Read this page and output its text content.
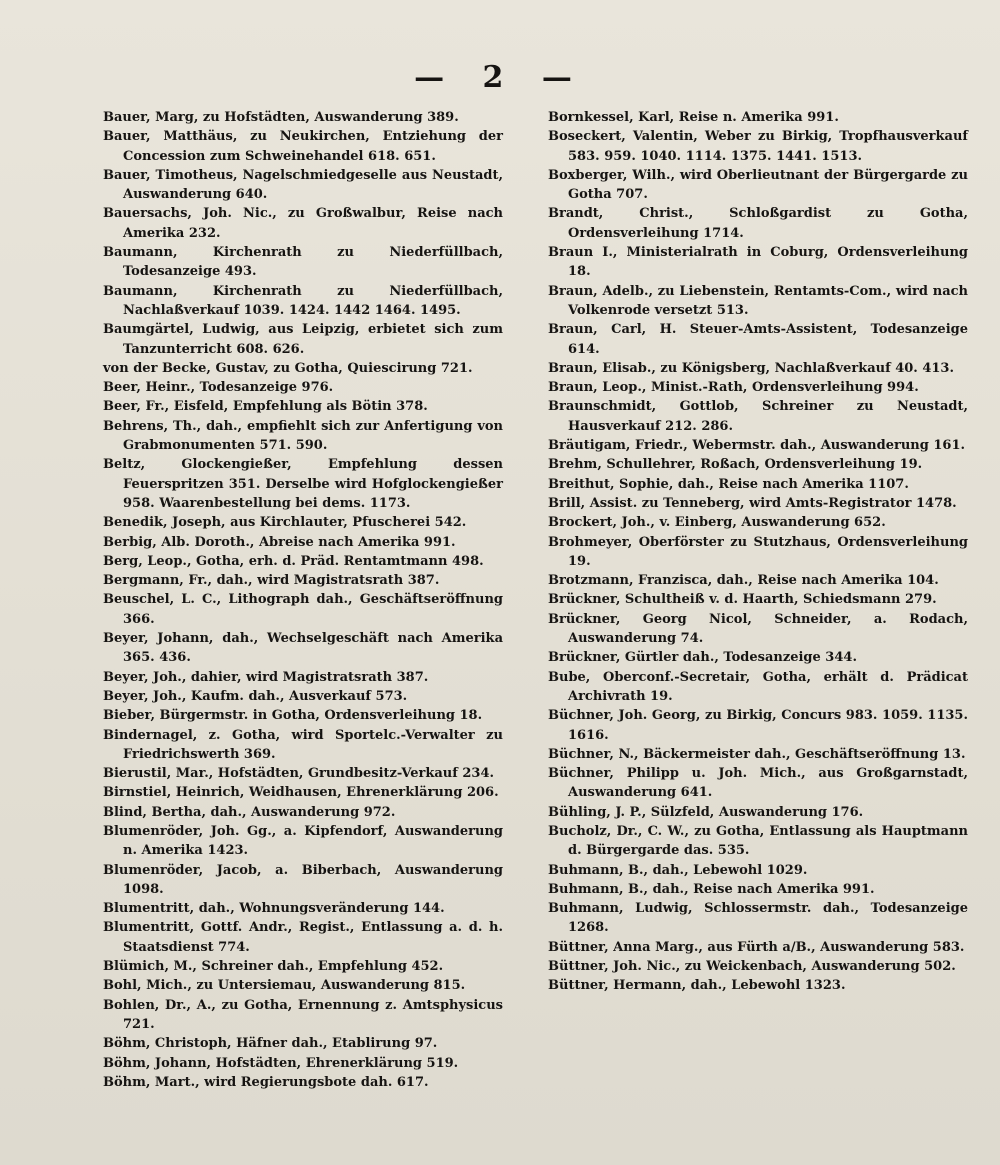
— 2 —

Bauer, Marg, zu Hofstädten, Auswanderung 389.

Bauer, Matthäus, zu Neukirchen, Entziehung der Concession zum Schweinehandel 618. 651.

Bauer, Timotheus, Nagelschmiedgeselle aus Neustadt, Auswanderung 640.

Bauersachs, Joh. Nic., zu Großwalbur, Reise nach Amerika 232.

Baumann, Kirchenrath zu Niederfüllbach, Todesanzeige 493.

Baumann, Kirchenrath zu Niederfüllbach, Nachlaßverkauf 1039. 1424. 1442 1464. 1495.

Baumgärtel, Ludwig, aus Leipzig, erbietet sich zum Tanzunterricht 608. 626.

von der Becke, Gustav, zu Gotha, Quiescirung 721.

Beer, Heinr., Todesanzeige 976.

Beer, Fr., Eisfeld, Empfehlung als Bötin 378.

Behrens, Th., dah., empfiehlt sich zur Anfertigung von Grabmonumenten 571. 590.

Beltz, Glockengießer, Empfehlung dessen Feuerspritzen 351. Derselbe wird Hofglockengießer 958. Waarenbestellung bei dems. 1173.

Benedik, Joseph, aus Kirchlauter, Pfuscherei 542.

Berbig, Alb. Doroth., Abreise nach Amerika 991.

Berg, Leop., Gotha, erh. d. Präd. Rentamtmann 498.

Bergmann, Fr., dah., wird Magistratsrath 387.

Beuschel, L. C., Lithograph dah., Geschäftseröffnung 366.

Beyer, Johann, dah., Wechselgeschäft nach Amerika 365. 436.

Beyer, Joh., dahier, wird Magistratsrath 387.

Beyer, Joh., Kaufm. dah., Ausverkauf 573.

Bieber, Bürgermstr. in Gotha, Ordensverleihung 18.

Bindernagel, z. Gotha, wird Sportelc.-Verwalter zu Friedrichswerth 369.

Bierustil, Mar., Hofstädten, Grundbesitz-Verkauf 234.

Birnstiel, Heinrich, Weidhausen, Ehrenerklärung 206.

Blind, Bertha, dah., Auswanderung 972.

Blumenröder, Joh. Gg., a. Kipfendorf, Auswanderung n. Amerika 1423.

Blumenröder, Jacob, a. Biberbach, Auswanderung 1098.

Blumentritt, dah., Wohnungsveränderung 144.

Blumentritt, Gottf. Andr., Regist., Entlassung a. d. h. Staatsdienst 774.

Blümich, M., Schreiner dah., Empfehlung 452.

Bohl, Mich., zu Untersiemau, Auswanderung 815.

Bohlen, Dr., A., zu Gotha, Ernennung z. Amtsphysicus 721.

Böhm, Christoph, Häfner dah., Etablirung 97.

Böhm, Johann, Hofstädten, Ehrenerklärung 519.

Böhm, Mart., wird Regierungsbote dah. 617.

Bornkessel, Karl, Reise n. Amerika 991.

Boseckert, Valentin, Weber zu Birkig, Tropfhausverkauf 583. 959. 1040. 1114. 1375. 1441. 1513.

Boxberger, Wilh., wird Oberlieutnant der Bürgergarde zu Gotha 707.

Brandt, Christ., Schloßgardist zu Gotha, Ordensverleihung 1714.

Braun I., Ministerialrath in Coburg, Ordensverleihung 18.

Braun, Adelb., zu Liebenstein, Rentamts-Com., wird nach Volkenrode versetzt 513.

Braun, Carl, H. Steuer-Amts-Assistent, Todesanzeige 614.

Braun, Elisab., zu Königsberg, Nachlaßverkauf 40. 413.

Braun, Leop., Minist.-Rath, Ordensverleihung 994.

Braunschmidt, Gottlob, Schreiner zu Neustadt, Hausverkauf 212. 286.

Bräutigam, Friedr., Webermstr. dah., Auswanderung 161.

Brehm, Schullehrer, Roßach, Ordensverleihung 19.

Breithut, Sophie, dah., Reise nach Amerika 1107.

Brill, Assist. zu Tenneberg, wird Amts-Registrator 1478.

Brockert, Joh., v. Einberg, Auswanderung 652.

Brohmeyer, Oberförster zu Stutzhaus, Ordensverleihung 19.

Brotzmann, Franzisca, dah., Reise nach Amerika 104.

Brückner, Schultheiß v. d. Haarth, Schiedsmann 279.

Brückner, Georg Nicol, Schneider, a. Rodach, Auswanderung 74.

Brückner, Gürtler dah., Todesanzeige 344.

Bube, Oberconf.-Secretair, Gotha, erhält d. Prädicat Archivrath 19.

Büchner, Joh. Georg, zu Birkig, Concurs 983. 1059. 1135. 1616.

Büchner, N., Bäckermeister dah., Geschäftseröffnung 13.

Büchner, Philipp u. Joh. Mich., aus Großgarnstadt, Auswanderung 641.

Bühling, J. P., Sülzfeld, Auswanderung 176.

Bucholz, Dr., C. W., zu Gotha, Entlassung als Hauptmann d. Bürgergarde das. 535.

Buhmann, B., dah., Lebewohl 1029.

Buhmann, B., dah., Reise nach Amerika 991.

Buhmann, Ludwig, Schlossermstr. dah., Todesanzeige 1268.

Büttner, Anna Marg., aus Fürth a/B., Auswanderung 583.

Büttner, Joh. Nic., zu Weickenbach, Auswanderung 502.

Büttner, Hermann, dah., Lebewohl 1323.
